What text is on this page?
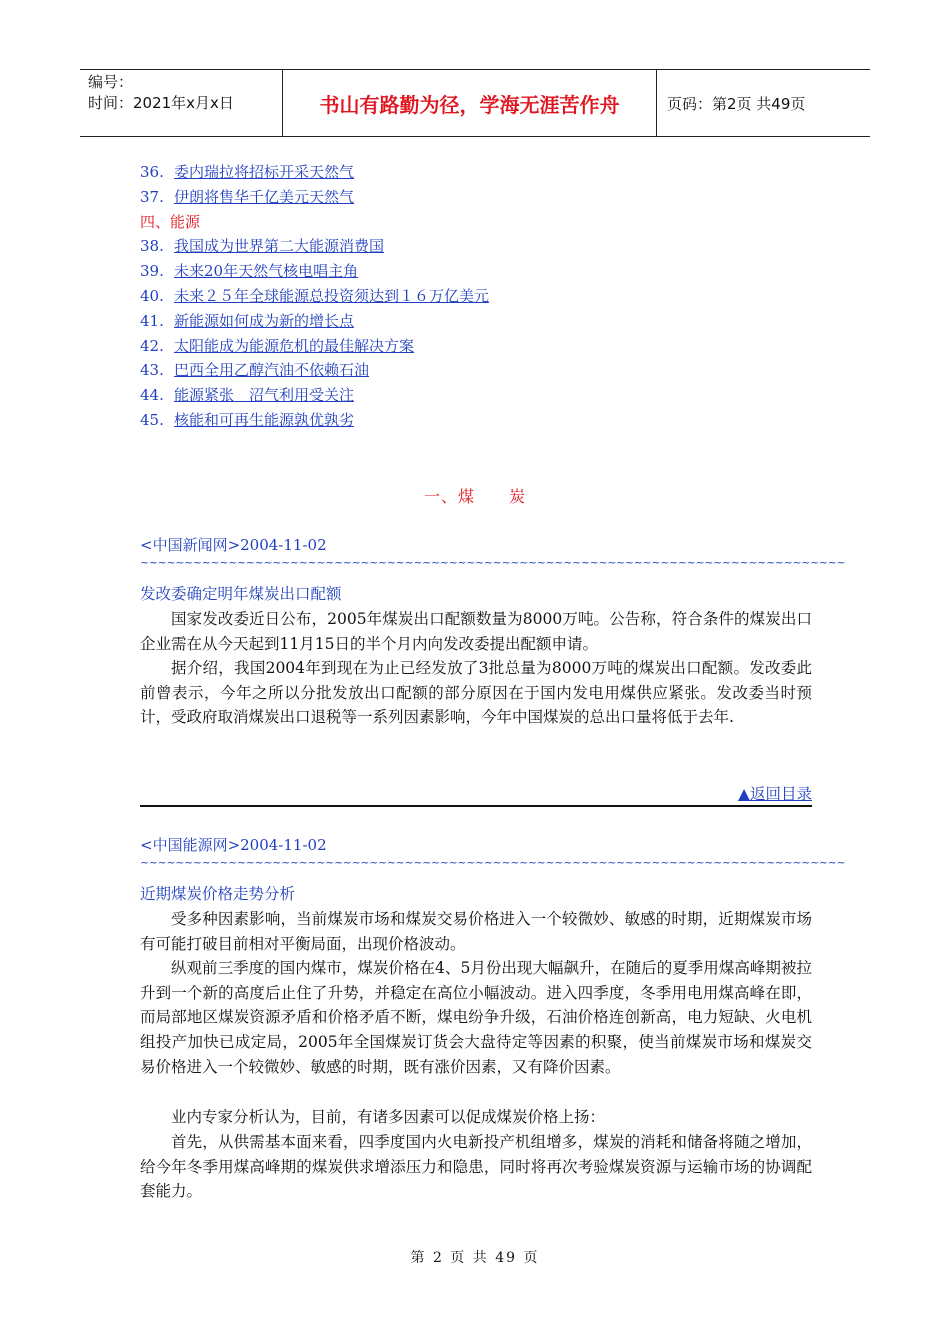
编号：
时间：2021年x月x日	书山有路勤为径，学海无涯苦作舟	页码：第2页 共49页
36. 委内瑞拉将招标开采天然气
37. 伊朗将售华千亿美元天然气
四、能源
38. 我国成为世界第二大能源消费国
39. 未来20年天然气核电唱主角
40. 未来２５年全球能源总投资须达到１６万亿美元
41. 新能源如何成为新的增长点
42. 太阳能成为能源危机的最佳解决方案
43. 巴西全用乙醇汽油不依赖石油
44. 能源紧张　沼气利用受关注
45. 核能和可再生能源孰优孰劣
一、煤　　炭
<中国新闻网>2004-11-02
~~~~~~~~~~~~~~~~~~~~~~~~~~~~~~~~~~~~~~~~~~~~~~~~~~~~~~~~~~~~~~~~~~~~~~~~~~~~~~~~
发改委确定明年煤炭出口配额

国家发改委近日公布，2005年煤炭出口配额数量为8000万吨。公告称，符合条件的煤炭出口企业需在从今天起到11月15日的半个月内向发改委提出配额申请。

据介绍，我国2004年到现在为止已经发放了3批总量为8000万吨的煤炭出口配额。发改委此前曾表示，今年之所以分批发放出口配额的部分原因在于国内发电用煤供应紧张。发改委当时预计，受政府取消煤炭出口退税等一系列因素影响，今年中国煤炭的总出口量将低于去年.

▲返回目录
<中国能源网>2004-11-02
~~~~~~~~~~~~~~~~~~~~~~~~~~~~~~~~~~~~~~~~~~~~~~~~~~~~~~~~~~~~~~~~~~~~~~~~~~~~~~~~
近期煤炭价格走势分析

受多种因素影响，当前煤炭市场和煤炭交易价格进入一个较微妙、敏感的时期，近期煤炭市场有可能打破目前相对平衡局面，出现价格波动。

纵观前三季度的国内煤市，煤炭价格在4、5月份出现大幅飙升，在随后的夏季用煤高峰期被拉升到一个新的高度后止住了升势，并稳定在高位小幅波动。进入四季度，冬季用电用煤高峰在即，而局部地区煤炭资源矛盾和价格矛盾不断，煤电纷争升级，石油价格连创新高，电力短缺、火电机组投产加快已成定局，2005年全国煤炭订货会大盘待定等因素的积聚，使当前煤炭市场和煤炭交易价格进入一个较微妙、敏感的时期，既有涨价因素，又有降价因素。

业内专家分析认为，目前，有诸多因素可以促成煤炭价格上扬：

首先，从供需基本面来看，四季度国内火电新投产机组增多，煤炭的消耗和储备将随之增加，给今年冬季用煤高峰期的煤炭供求增添压力和隐患，同时将再次考验煤炭资源与运输市场的协调配套能力。

第 2 页 共 49 页
